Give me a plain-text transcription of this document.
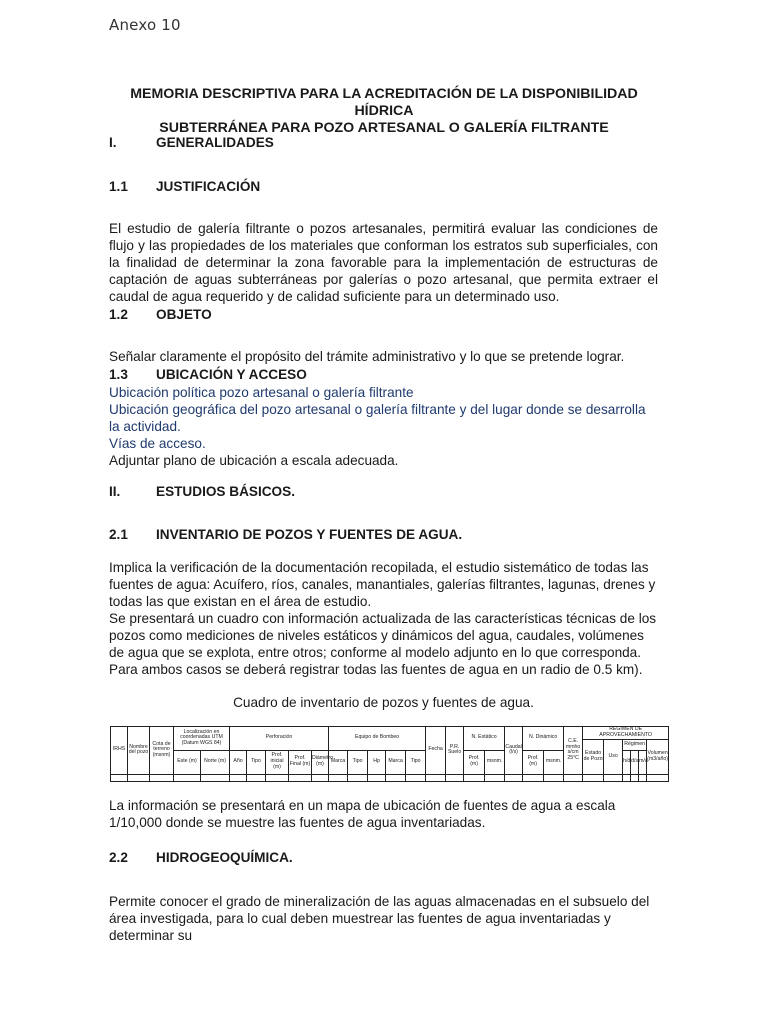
Anexo 10
MEMORIA DESCRIPTIVA PARA LA ACREDITACIÓN DE LA DISPONIBILIDAD HÍDRICA
SUBTERRÁNEA PARA POZO ARTESANAL O GALERÍA FILTRANTE
I.	GENERALIDADES
1.1 JUSTIFICACIÓN
El estudio de galería filtrante o pozos artesanales, permitirá evaluar las condiciones de flujo y las propiedades de los materiales que conforman los estratos sub superficiales, con la finalidad de determinar la zona favorable para la implementación de estructuras de captación de aguas subterráneas por galerías o pozo artesanal, que permita extraer el caudal de agua requerido y de calidad suficiente para un determinado uso.
1.2 OBJETO
Señalar claramente el propósito del trámite administrativo y lo que se pretende lograr.
1.3 UBICACIÓN Y ACCESO

Ubicación política pozo artesanal o galería filtrante

Ubicación geográfica del pozo artesanal o galería filtrante y del lugar donde se desarrolla la actividad.

Vías de acceso.

Adjuntar plano de ubicación a escala adecuada.

II.	ESTUDIOS BÁSICOS.
2.1 INVENTARIO DE POZOS Y FUENTES DE AGUA.

Implica la verificación de la documentación recopilada, el estudio sistemático de todas las fuentes de agua: Acuífero, ríos, canales, manantiales, galerías filtrantes, lagunas, drenes y todas las que existan en el área de estudio.

Se presentará un cuadro con información actualizada de las características técnicas de los pozos como mediciones de niveles estáticos y dinámicos del agua, caudales, volúmenes de agua que se explota, entre otros; conforme al modelo adjunto en lo que corresponda.

Para ambos casos se deberá registrar todas las fuentes de agua en un radio de 0.5 km).

Cuadro de inventario de pozos y fuentes de agua.
IRHS	Nombre del pozo	Cota de terreno (msnm)	Localización en coordenadas UTM (Datum WGS 84)		Perforación					Equipo de Bombeo					Fecha	P.R. Suelo	N. Estático		Caudal (l/s)	N. Dinámico		C.E. mmho s/cm 25°C	REGIMEN DE APROVECHAMIENTO					
																							Estado de Pozo	Uso	Régimen			Volumen (m3/año)
			Este (m)	Norte (m)	Año	Tipo	Prof. inicial (m)	Prof. Final (m)	Diámetro (m)	Marca	Tipo	Hp	Marca	Tipo			Prof. (m)	msnm.		Prof. (m)	msnm.				h/d	d/s	m/a	

La información se presentará en un mapa de ubicación de fuentes de agua a escala 1/10,000 donde se muestre las fuentes de agua inventariadas.
2.2 HIDROGEOQUÍMICA.
Permite conocer el grado de mineralización de las aguas almacenadas en el subsuelo del área investigada, para lo cual deben muestrear las fuentes de agua inventariadas y determinar su
